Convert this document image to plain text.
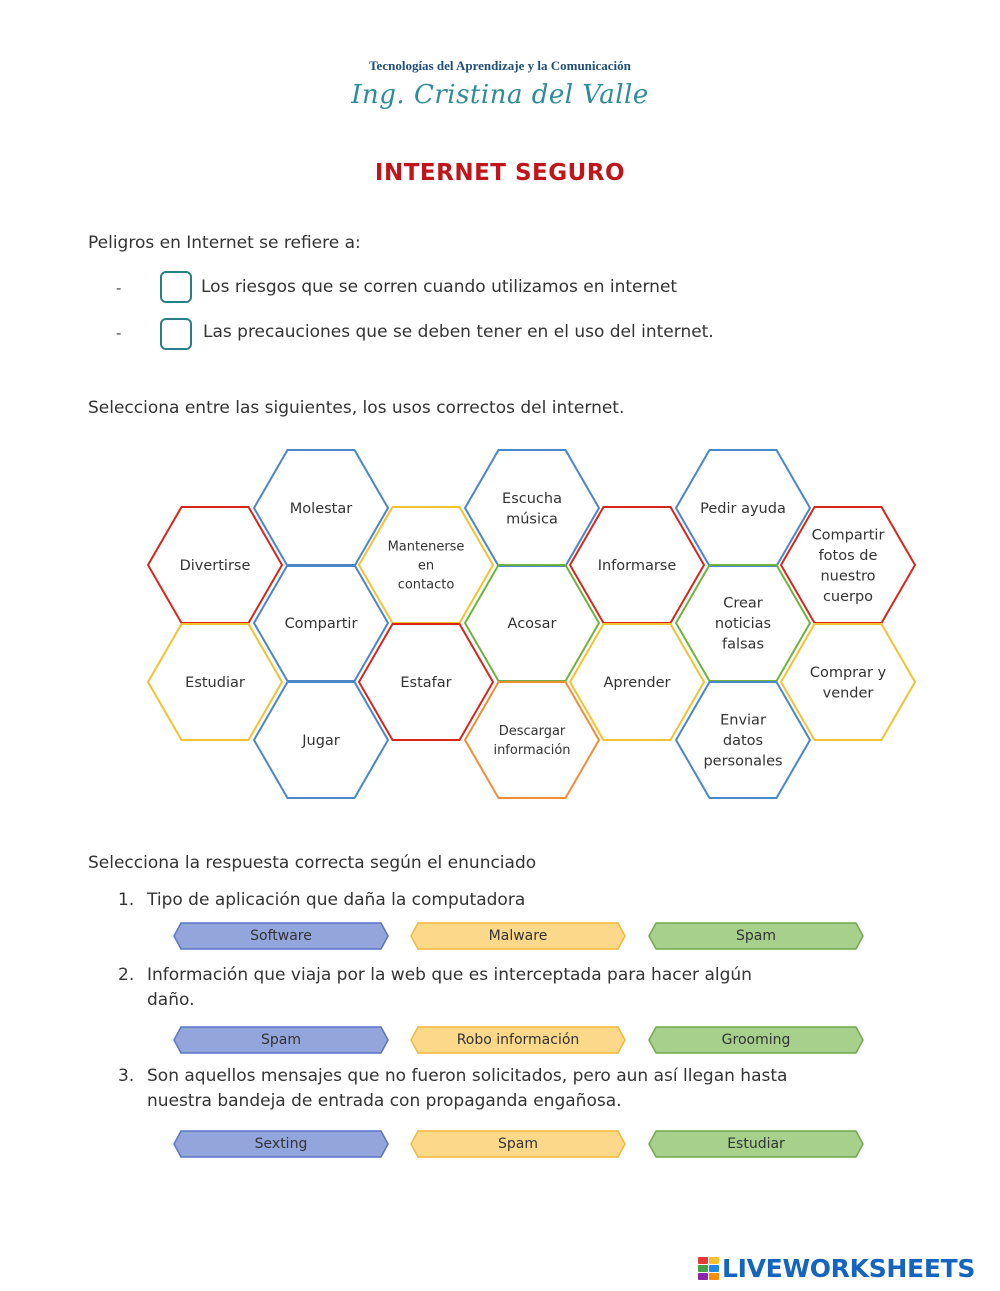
Tecnologías del Aprendizaje y la Comunicación
Ing. Cristina del Valle
INTERNET SEGURO
Peligros en Internet se refiere a:
-	Los riesgos que se corren cuando utilizamos en internet
-	Las precauciones que se deben tener en el uso del internet.
Selecciona entre las siguientes, los usos correctos del internet.
Molestar
Escucha música
Pedir ayuda
Divertirse
Mantenerse en contacto
Informarse
Compartir fotos de nuestro cuerpo
Compartir	Acosar
Crear noticias falsas
Estudiar	Estafar	Aprender
Comprar y vender
Jugar
Descargar información
Enviar datos personales
Selecciona la respuesta correcta según el enunciado
1. Tipo de aplicación que daña la computadora
Software	Malware	Spam
2. Información que viaja por la web que es interceptada para hacer algún
daño.
Spam	Robo información	Grooming
3. Son aquellos mensajes que no fueron solicitados, pero aun así llegan hasta
nuestra bandeja de entrada con propaganda engañosa.
Sexting	Spam	Estudiar
LIVEWORKSHEETS
